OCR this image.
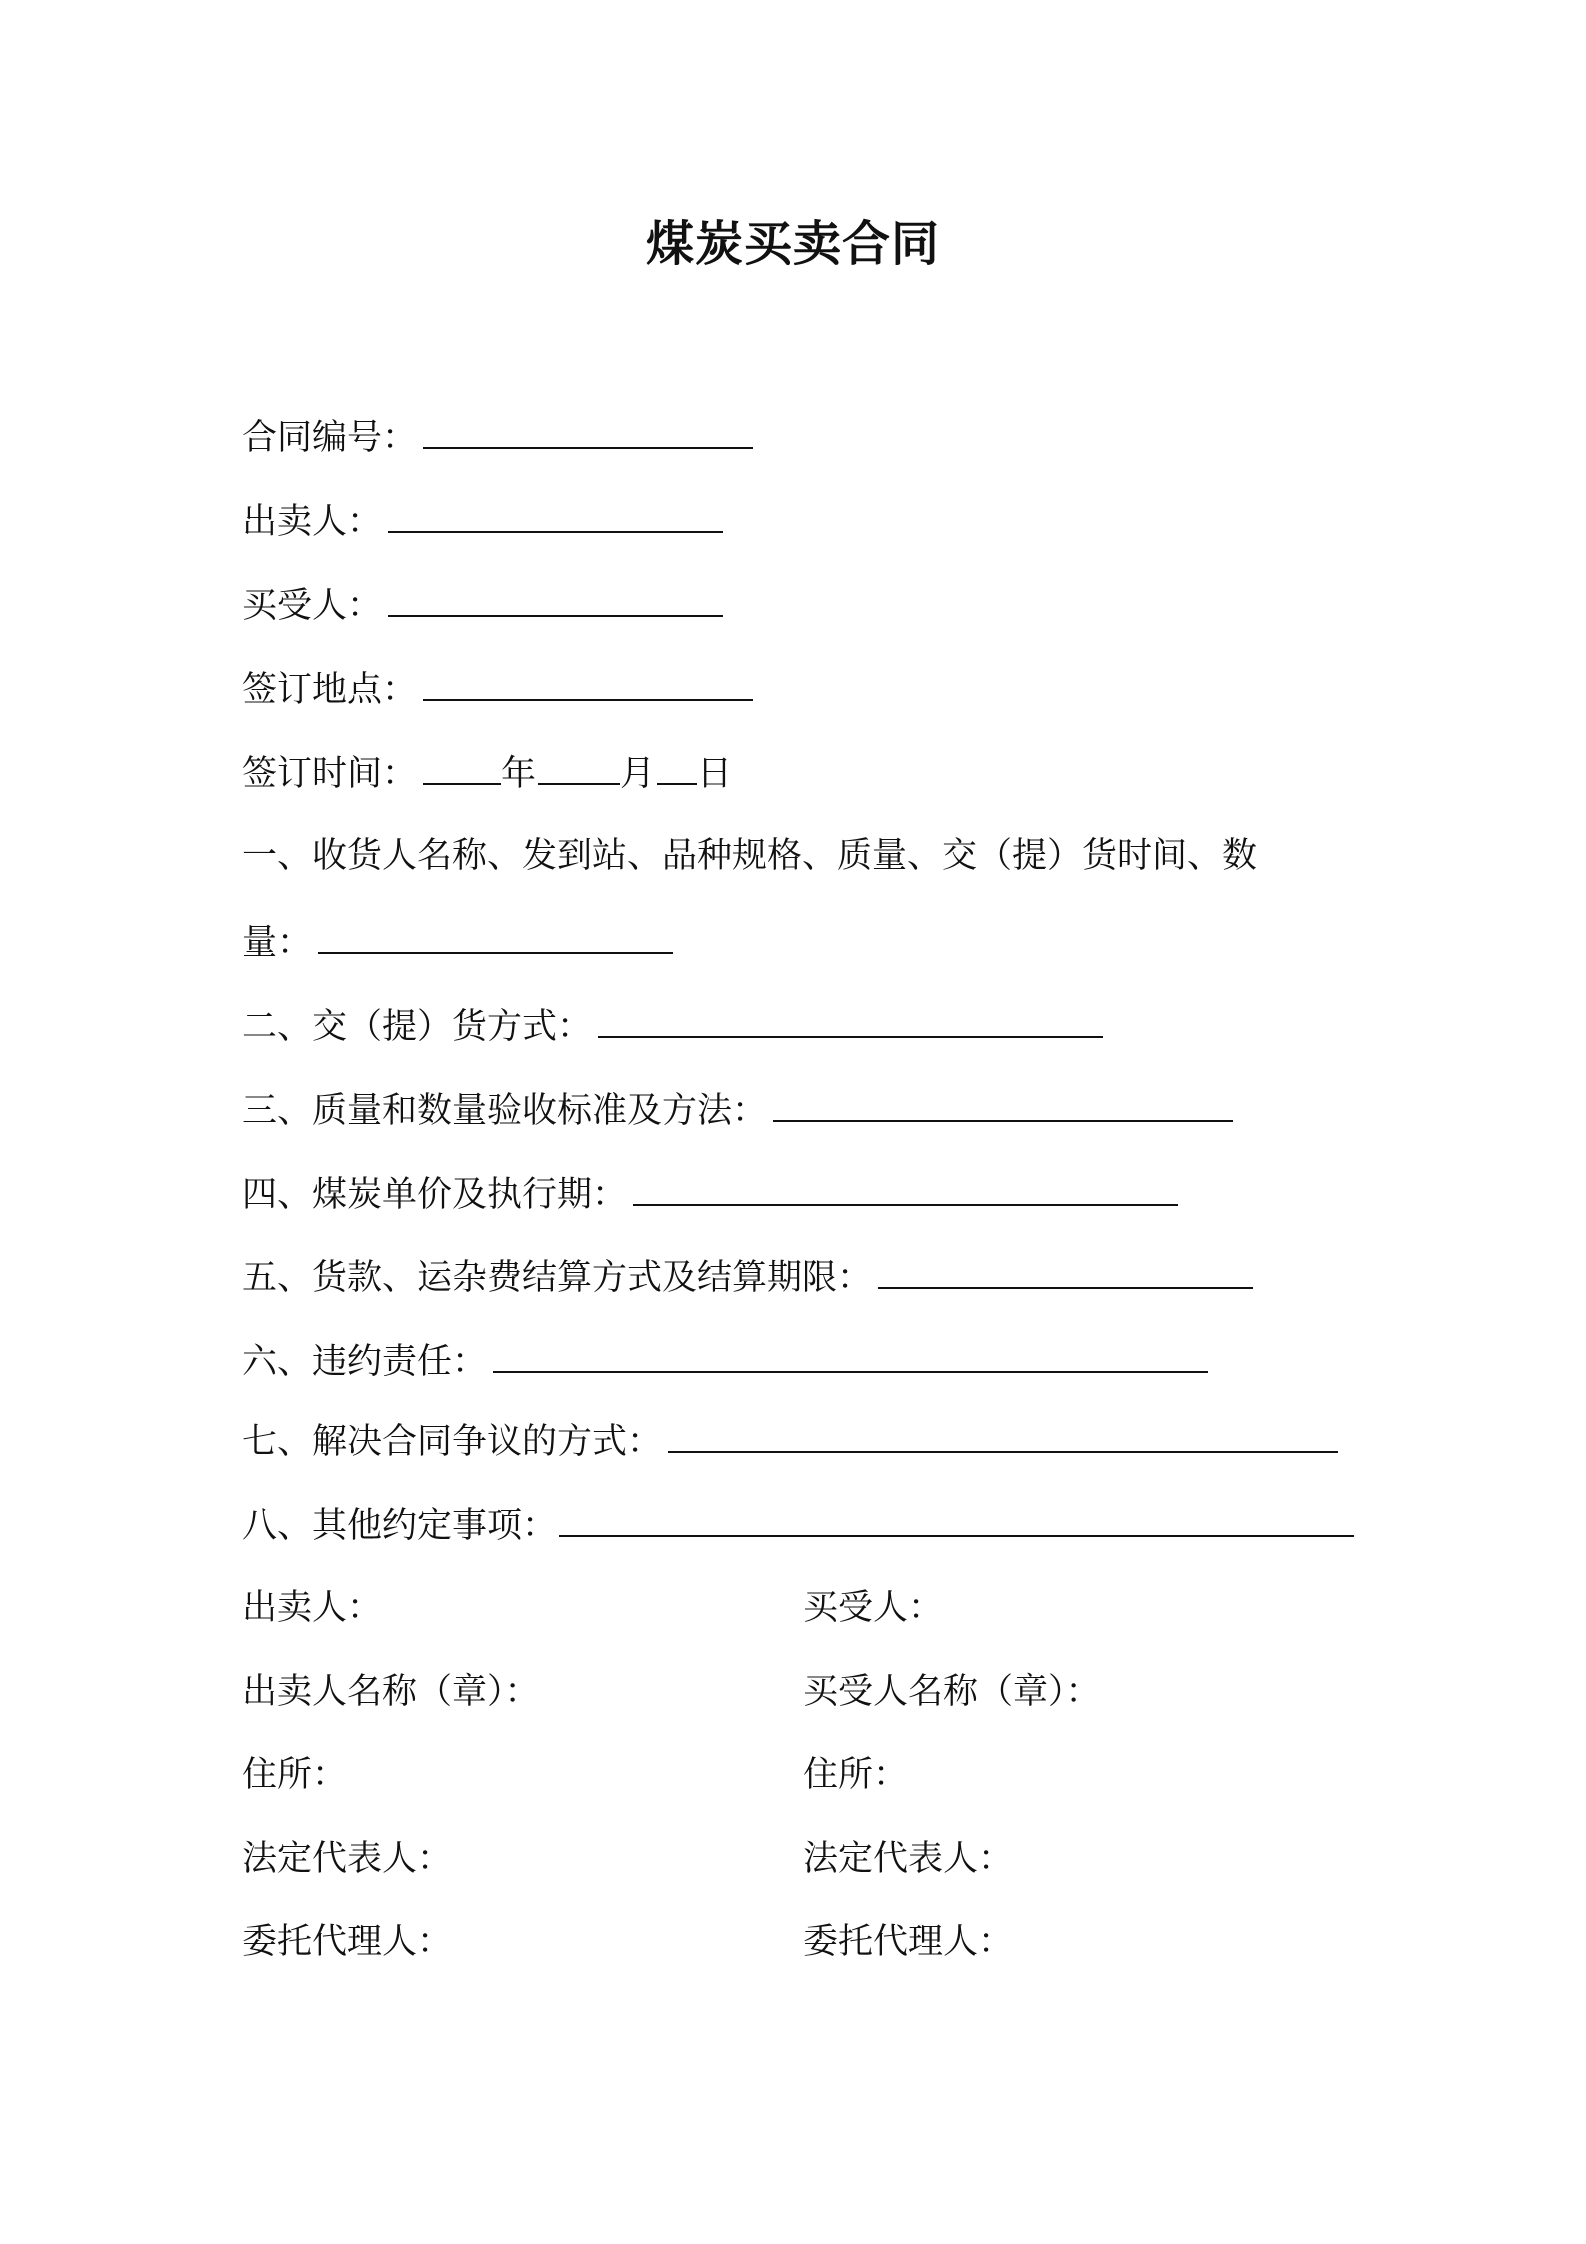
煤炭买卖合同
合同编号：
出卖人：
买受人：
签订地点：
签订时间： 年 月 日
一、收货人名称、发到站、品种规格、质量、交（提）货时间、数
量：
二、交（提）货方式：
三、质量和数量验收标准及方法：
四、煤炭单价及执行期：
五、货款、运杂费结算方式及结算期限：
六、违约责任：
七、解决合同争议的方式：
八、其他约定事项：
出卖人：	买受人：
出卖人名称（章）：	买受人名称（章）：
住所：	住所：
法定代表人：	法定代表人：
委托代理人：	委托代理人：
